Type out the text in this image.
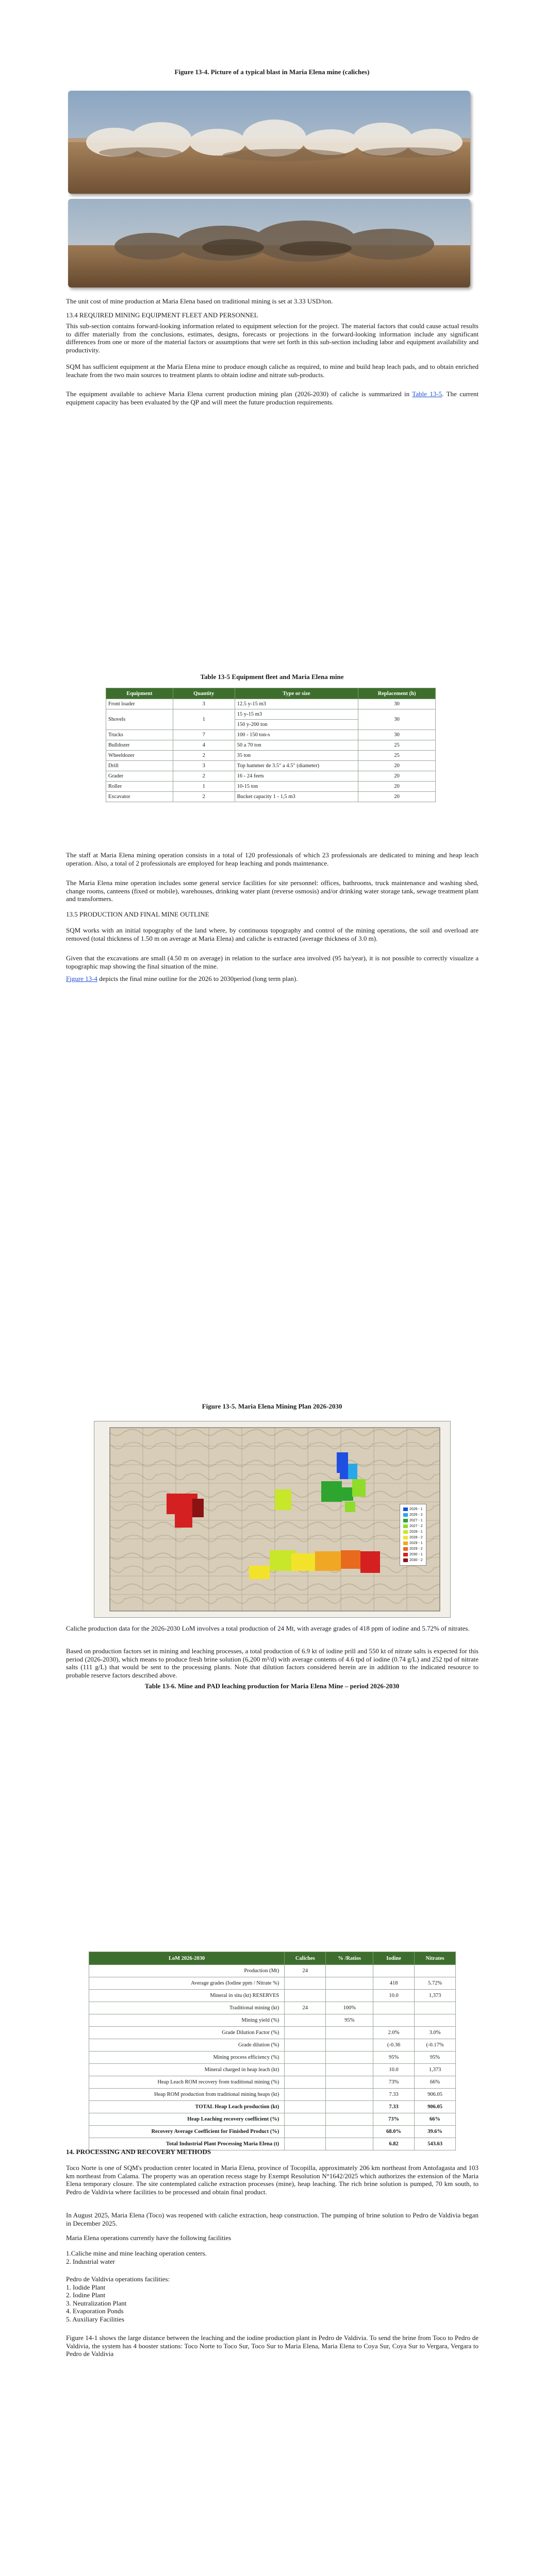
Figure 13-4. Picture of a typical blast in Maria Elena mine (caliches)
The unit cost of mine production at Maria Elena based on traditional mining is set at 3.33 USD/ton.
13.4 REQUIRED MINING EQUIPMENT FLEET AND PERSONNEL
This sub-section contains forward-looking information related to equipment selection for the project. The material factors that could cause actual results to differ materially from the conclusions, estimates, designs, forecasts or projections in the forward-looking information include any significant differences from one or more of the material factors or assumptions that were set forth in this sub-section including labor and equipment availability and productivity.
SQM has sufficient equipment at the Maria Elena mine to produce enough caliche as required, to mine and build heap leach pads, and to obtain enriched leachate from the two main sources to treatment plants to obtain iodine and nitrate sub-products.
The equipment available to achieve Maria Elena current production mining plan (2026-2030) of caliche is summarized in Table 13-5. The current equipment capacity has been evaluated by the QP and will meet the future production requirements.
Table 13-5 Equipment fleet and Maria Elena mine
Equipment	Quantity	Type or size	Replacement (h)
Front loader	3	12.5 y-15 m3	30
Shovels	1	15 y-15 m3	30
		150 y-200 ton	
Trucks	7	100 - 150 ton-s	30
Bulldozer	4	50 a 70 ton	25
Wheeldozer	2	35 ton	25
Drill	3	Top hammer de 3.5" a 4.5" (diameter)	20
Grader	2	16 - 24 feets	20
Roller	1	10-15 ton	20
Excavator	2	Bucket capacity 1 - 1,5 m3	20
The staff at Maria Elena mining operation consists in a total of 120 professionals of which 23 professionals are dedicated to mining and heap leach operation. Also, a total of 2 professionals are employed for heap leaching and ponds maintenance.
The Maria Elena mine operation includes some general service facilities for site personnel: offices, bathrooms, truck maintenance and washing shed, change rooms, canteens (fixed or mobile), warehouses, drinking water plant (reverse osmosis) and/or drinking water storage tank, sewage treatment plant and transformers.
13.5 PRODUCTION AND FINAL MINE OUTLINE
SQM works with an initial topography of the land where, by continuous topography and control of the mining operations, the soil and overload are removed (total thickness of 1.50 m on average at Maria Elena) and caliche is extracted (average thickness of 3.0 m).
Given that the excavations are small (4.50 m on average) in relation to the surface area involved (95 ha/year), it is not possible to correctly visualize a topographic map showing the final situation of the mine.
Figure 13-4 depicts the final mine outline for the 2026 to 2030period (long term plan).
Figure 13-5. Maria Elena Mining Plan 2026-2030
2026 - 1
2026 - 2
2027 - 1
2027 - 2
2028 - 1
2028 - 2
2029 - 1
2029 - 2
2030 - 1
2030 - 2
Caliche production data for the 2026-2030 LoM involves a total production of 24 Mt, with average grades of 418 ppm of iodine and 5.72% of nitrates.
Based on production factors set in mining and leaching processes, a total production of 6.9 kt of iodine prill and 550 kt of nitrate salts is expected for this period (2026-2030), which means to produce fresh brine solution (6,200 m³/d) with average contents of 4.6 tpd of iodine (0.74 g/L) and 252 tpd of nitrate salts (111 g/L) that would be sent to the processing plants. Note that dilution factors considered herein are in addition to the indicated resource to probable reserve factors described above.
Table 13-6. Mine and PAD leaching production for Maria Elena Mine – period 2026-2030
LoM 2026-2030	Caliches	% /Ratios	Iodine	Nitrates
Production (Mt)	24			
Average grades (Iodine ppm / Nitrate %)			418	5.72%
Mineral in situ (kt) RESERVES			10.0	1,373
Traditional mining (kt)	24	100%		
Mining yield (%)		95%		
Grade Dilution Factor (%)			2.0%	3.0%
Grade dilution (%)			(-0.36	(-0.17%
Mining process efficiency (%)			95%	95%
Mineral charged in heap leach (kt)			10.0	1,373
Heap Leach ROM recovery from traditional mining (%)			73%	66%
Heap ROM production from traditional mining heaps (kt)			7.33	906.05
TOTAL Heap Leach production (kt)			7.33	906.05
Heap Leaching recovery coefficient (%)			73%	66%
Recovery Average Coefficient for Finished Product (%)			68.0%	39.6%
Total Industrial Plant Processing Maria Elena (t)			6.82	543.63
14. PROCESSING AND RECOVERY METHODS
Toco Norte is one of SQM's production center located in Maria Elena, province of Tocopilla, approximately 206 km northeast from Antofagasta and 103 km northeast from Calama. The property was an operation recess stage by Exempt Resolution N°1642/2025 which authorizes the extension of the Maria Elena temporary closure. The site contemplated caliche extraction processes (mine), heap leaching. The rich brine solution is pumped, 70 km south, to Pedro de Valdivia where facilities to be processed and obtain final product.
In August 2025, Maria Elena (Toco) was reopened with caliche extraction, heap construction. The pumping of brine solution to Pedro de Valdivia began in December 2025.
Maria Elena operations currently have the following facilities
1.Caliche mine and mine leaching operation centers.
2. Industrial water
Pedro de Valdivia operations facilities:
1. Iodide Plant
2. Iodine Plant
3. Neutralization Plant
4. Evaporation Ponds
5. Auxiliary Facilities
Figure 14-1 shows the large distance between the leaching and the iodine production plant in Pedro de Valdivia. To send the brine from Toco to Pedro de Valdivia, the system has 4 booster stations: Toco Norte to Toco Sur, Toco Sur to Maria Elena, Maria Elena to Coya Sur, Coya Sur to Vergara, Vergara to Pedro de Valdivia
